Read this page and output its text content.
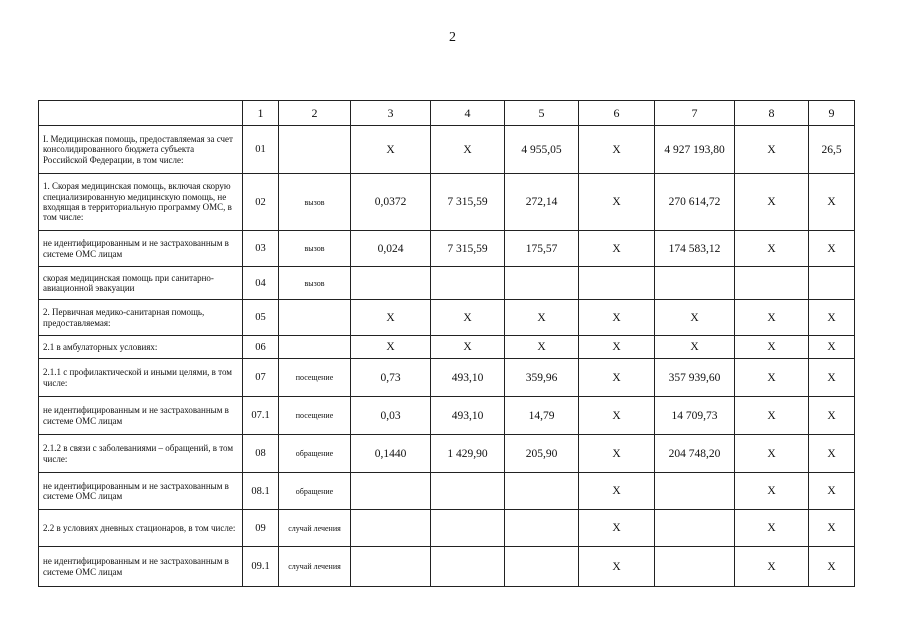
2
	1	2	3	4	5	6	7	8	9
I. Медицинская помощь, предоставляемая за счет консолидированного бюджета субъекта Российской Федерации, в том числе:	01		X	X	4 955,05	X	4 927 193,80	X	26,5
1. Скорая медицинская помощь, включая скорую специализированную медицинскую помощь, не входящая в территориальную программу ОМС, в том числе:	02	вызов	0,0372	7 315,59	272,14	X	270 614,72	X	X
не идентифицированным и не застрахованным в системе ОМС лицам	03	вызов	0,024	7 315,59	175,57	X	174 583,12	X	X
скорая медицинская помощь при санитарно-авиационной эвакуации	04	вызов							
2. Первичная медико-санитарная помощь, предоставляемая:	05		X	X	X	X	X	X	X
2.1 в амбулаторных условиях:	06		X	X	X	X	X	X	X
2.1.1 с профилактической и иными целями, в том числе:	07	посещение	0,73	493,10	359,96	X	357 939,60	X	X
не идентифицированным и не застрахованным в системе ОМС лицам	07.1	посещение	0,03	493,10	14,79	X	14 709,73	X	X
2.1.2 в связи с заболеваниями – обращений, в том числе:	08	обращение	0,1440	1 429,90	205,90	X	204 748,20	X	X
не идентифицированным и не застрахованным в системе ОМС лицам	08.1	обращение				X		X	X
2.2 в условиях дневных стационаров, в том числе:	09	случай лечения				X		X	X
не идентифицированным и не застрахованным в системе ОМС лицам	09.1	случай лечения				X		X	X
